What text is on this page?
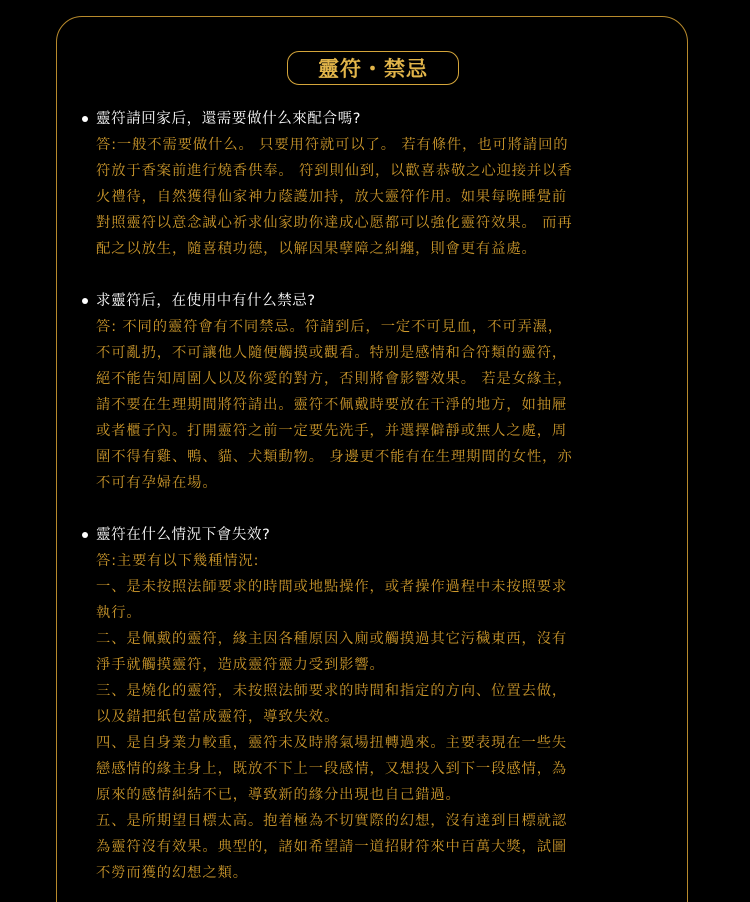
靈符・禁忌
靈符請回家后，還需要做什么來配合嗎?
答:一般不需要做什么。 只要用符就可以了。 若有條件，也可將請回的
符放于香案前進行燒香供奉。 符到則仙到，以歡喜恭敬之心迎接并以香
火禮待，自然獲得仙家神力蔭護加持，放大靈符作用。如果每晚睡覺前
對照靈符以意念誠心祈求仙家助你達成心愿都可以強化靈符效果。 而再
配之以放生，隨喜積功德，以解因果孽障之糾纏，則會更有益處。
求靈符后，在使用中有什么禁忌?
答: 不同的靈符會有不同禁忌。符請到后，一定不可見血，不可弄濕，
不可亂扔，不可讓他人隨便觸摸或觀看。特別是感情和合符類的靈符，
絕不能告知周圍人以及你愛的對方，否則將會影響效果。 若是女緣主，
請不要在生理期間將符請出。靈符不佩戴時要放在干淨的地方，如抽屜
或者櫃子內。打開靈符之前一定要先洗手，并選擇僻靜或無人之處，周
圍不得有雞、鴨、貓、犬類動物。 身邊更不能有在生理期間的女性，亦
不可有孕婦在場。
靈符在什么情況下會失效?
答:主要有以下幾種情況:
一、是未按照法師要求的時間或地點操作，或者操作過程中未按照要求
執行。
二、是佩戴的靈符，緣主因各種原因入廁或觸摸過其它污穢東西，沒有
淨手就觸摸靈符，造成靈符靈力受到影響。
三、是燒化的靈符，未按照法師要求的時間和指定的方向、位置去做，
以及錯把紙包當成靈符，導致失效。
四、是自身業力較重，靈符未及時將氣場扭轉過來。主要表現在一些失
戀感情的緣主身上，既放不下上一段感情，又想投入到下一段感情，為
原來的感情糾結不已，導致新的緣分出現也自己錯過。
五、是所期望目標太高。抱着極為不切實際的幻想，沒有達到目標就認
為靈符沒有效果。典型的，諸如希望請一道招財符來中百萬大獎，試圖
不勞而獲的幻想之類。
